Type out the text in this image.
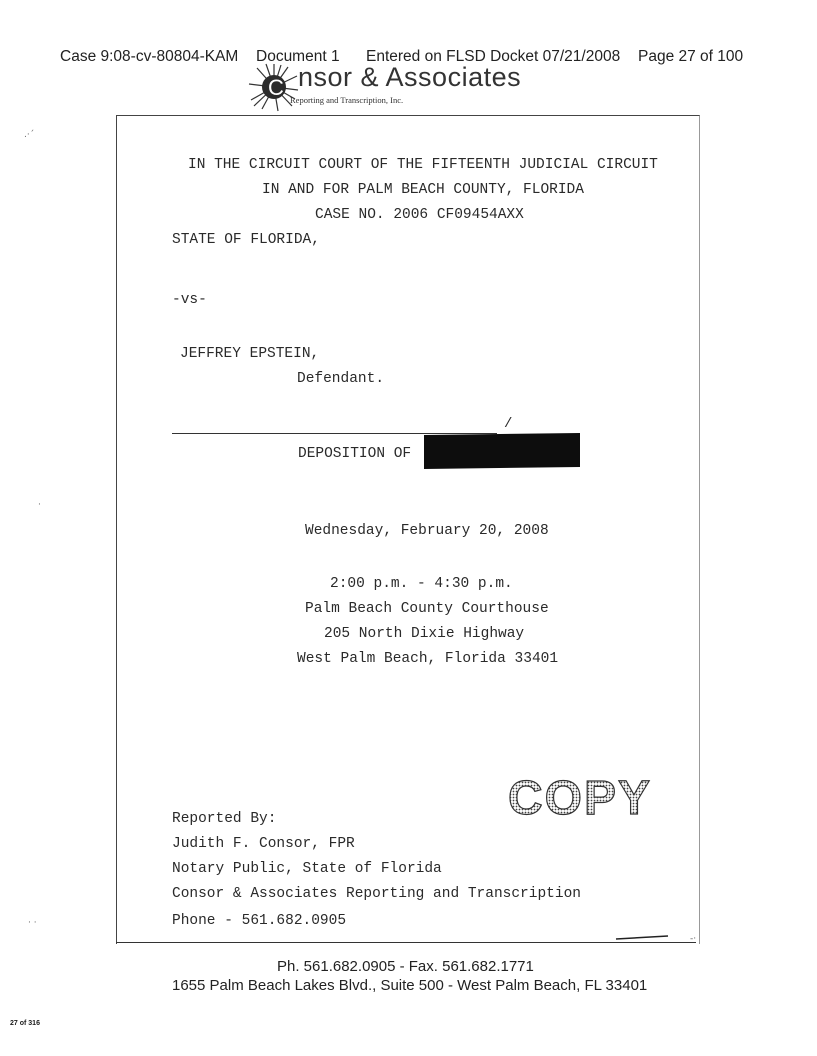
Case 9:08-cv-80804-KAM Document 1 Entered on FLSD Docket 07/21/2008 Page 27 of 100
C nsor & Associates
Reporting and Transcription, Inc.
IN THE CIRCUIT COURT OF THE FIFTEENTH JUDICIAL CIRCUIT
IN AND FOR PALM BEACH COUNTY, FLORIDA
CASE NO. 2006 CF09454AXX
STATE OF FLORIDA,
-vs-
JEFFREY EPSTEIN,
Defendant.
/
DEPOSITION OF
Wednesday, February 20, 2008
2:00 p.m. - 4:30 p.m.
Palm Beach County Courthouse
205 North Dixie Highway
West Palm Beach, Florida 33401
COPY
Reported By:
Judith F. Consor, FPR
Notary Public, State of Florida
Consor & Associates Reporting and Transcription
Phone - 561.682.0905
Ph. 561.682.0905 - Fax. 561.682.1771
1655 Palm Beach Lakes Blvd., Suite 500 - West Palm Beach, FL 33401
27 of 316
.·´
·
· ·
-·
